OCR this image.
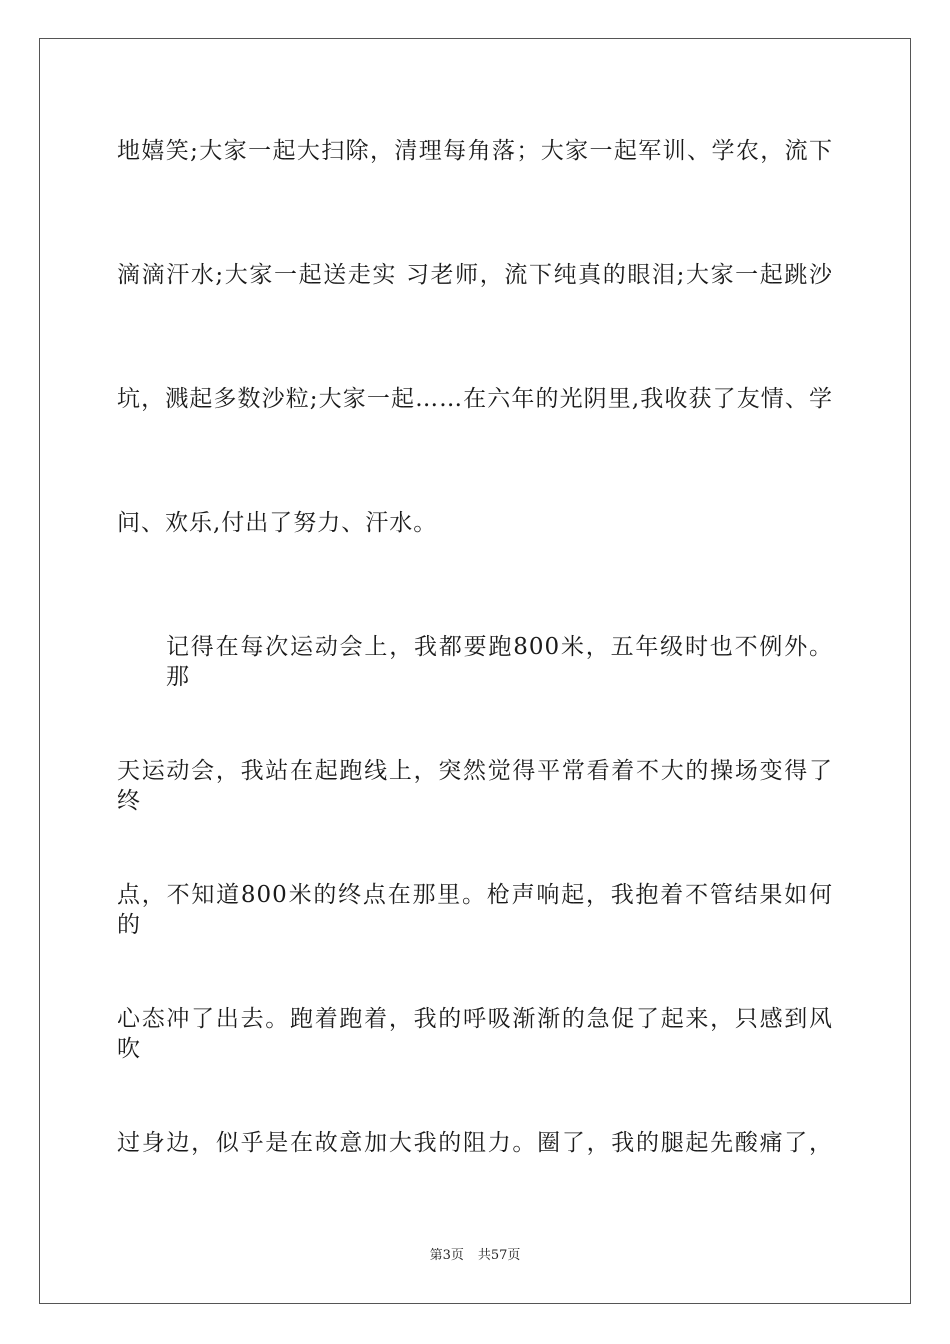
地嬉笑;大家一起大扫除，清理每角落；大家一起军训、学农，流下
滴滴汗水;大家一起送走实 习老师，流下纯真的眼泪;大家一起跳沙
坑，溅起多数沙粒;大家一起……在六年的光阴里,我收获了友情、学
问、欢乐,付出了努力、汗水。
记得在每次运动会上，我都要跑800米，五年级时也不例外。那
天运动会，我站在起跑线上，突然觉得平常看着不大的操场变得了终
点，不知道800米的终点在那里。枪声响起，我抱着不管结果如何的
心态冲了出去。跑着跑着，我的呼吸渐渐的急促了起来，只感到风吹
过身边，似乎是在故意加大我的阻力。圈了，我的腿起先酸痛了，
第3页 共57页
